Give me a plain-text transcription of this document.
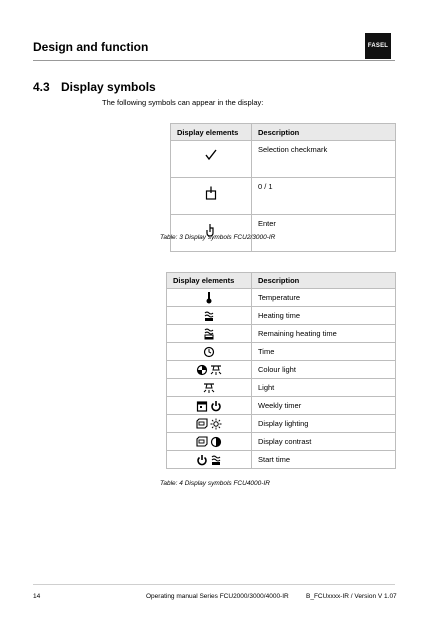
Design and function	FASEL
4.3 Display symbols
The following symbols can appear in the display:
Display elements	Description
	Selection checkmark
	0 / 1
	Enter
Table: 3 Display symbols FCU2/3000-IR
Display elements	Description
	Temperature
	Heating time
	Remaining heating time
	Time
	Colour light
	Light
	Weekly timer
	Display lighting
	Display contrast
	Start time
Table: 4 Display symbols FCU4000-IR
14	Operating manual Series FCU2000/3000/4000-IR	B_FCUxxxx-IR / Version V 1.07
